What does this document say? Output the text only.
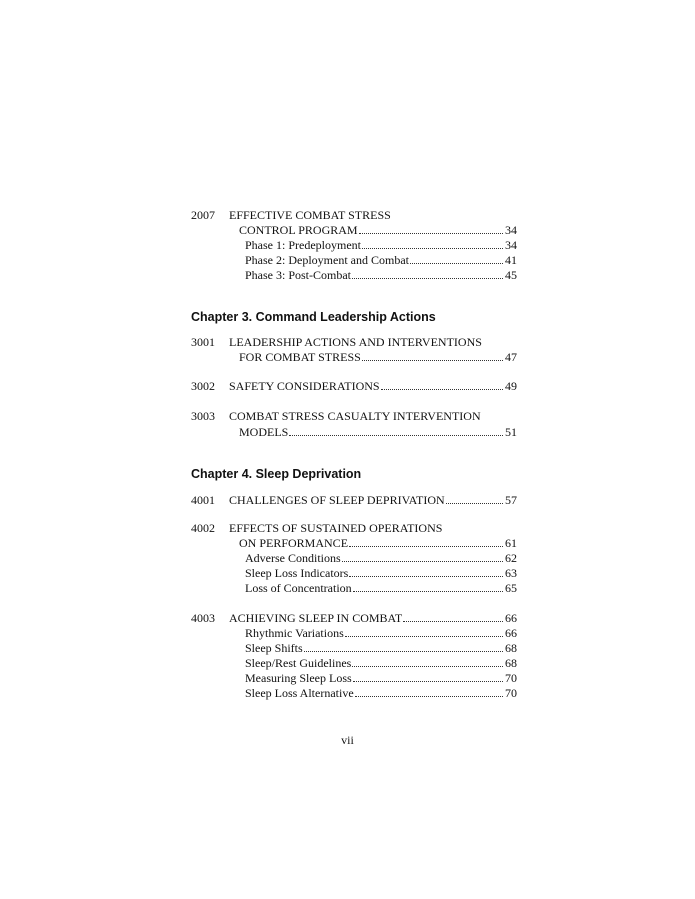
2007 EFFECTIVE COMBAT STRESS
CONTROL PROGRAM	34
Phase 1: Predeployment	34
Phase 2: Deployment and Combat	41
Phase 3: Post-Combat	45
Chapter 3. Command Leadership Actions
3001 LEADERSHIP ACTIONS AND INTERVENTIONS
FOR COMBAT STRESS	47
3002 SAFETY CONSIDERATIONS	49
3003 COMBAT STRESS CASUALTY INTERVENTION
MODELS	51
Chapter 4. Sleep Deprivation
4001 CHALLENGES OF SLEEP DEPRIVATION	57
4002 EFFECTS OF SUSTAINED OPERATIONS
ON PERFORMANCE	61
Adverse Conditions	62
Sleep Loss Indicators	63
Loss of Concentration	65
4003 ACHIEVING SLEEP IN COMBAT	66
Rhythmic Variations	66
Sleep Shifts	68
Sleep/Rest Guidelines	68
Measuring Sleep Loss	70
Sleep Loss Alternative	70
vii
